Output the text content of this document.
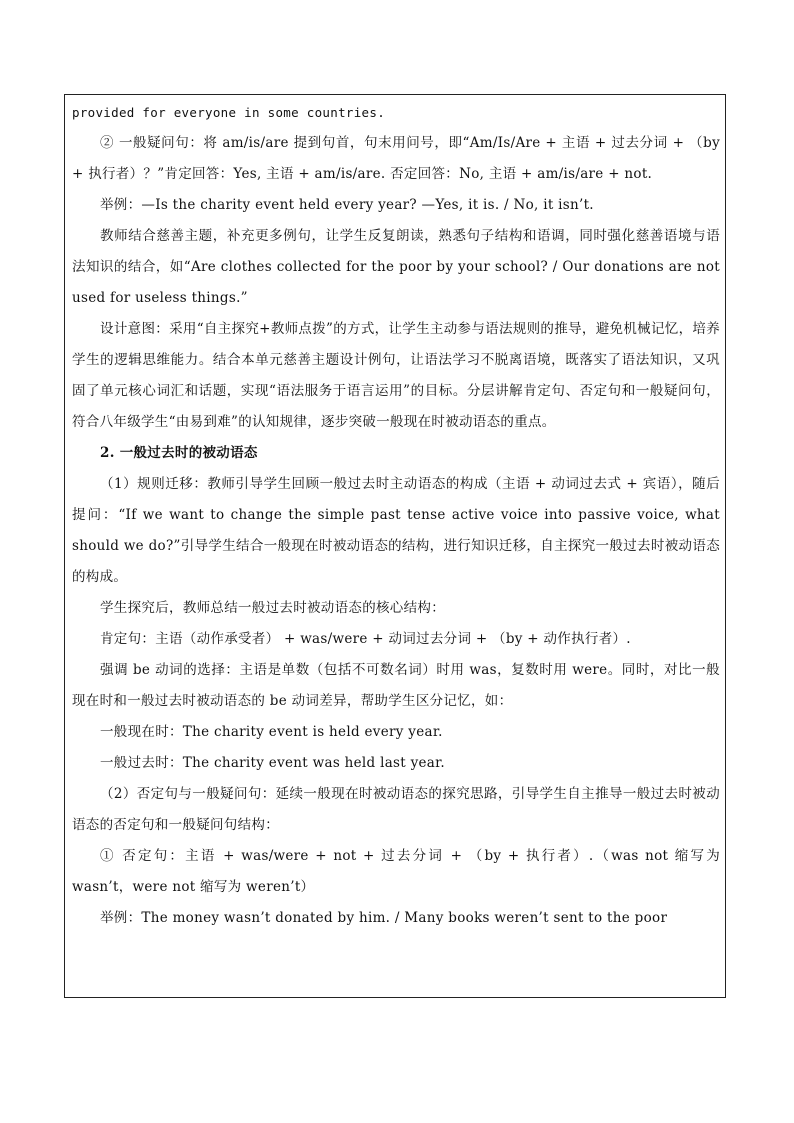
provided for everyone in some countries.

② 一般疑问句：将 am/is/are 提到句首，句末用问号，即“Am/Is/Are + 主语 + 过去分词 + （by + 执行者）？”肯定回答：Yes, 主语 + am/is/are. 否定回答：No, 主语 + am/is/are + not.

举例：—Is the charity event held every year? —Yes, it is. / No, it isn’t.

教师结合慈善主题，补充更多例句，让学生反复朗读，熟悉句子结构和语调，同时强化慈善语境与语法知识的结合，如“Are clothes collected for the poor by your school? / Our donations are not used for useless things.”

设计意图：采用“自主探究+教师点拨”的方式，让学生主动参与语法规则的推导，避免机械记忆，培养学生的逻辑思维能力。结合本单元慈善主题设计例句，让语法学习不脱离语境，既落实了语法知识，又巩固了单元核心词汇和话题，实现“语法服务于语言运用”的目标。分层讲解肯定句、否定句和一般疑问句，符合八年级学生“由易到难”的认知规律，逐步突破一般现在时被动语态的重点。

2. 一般过去时的被动语态

（1）规则迁移：教师引导学生回顾一般过去时主动语态的构成（主语 + 动词过去式 + 宾语），随后提问：“If we want to change the simple past tense active voice into passive voice, what should we do?”引导学生结合一般现在时被动语态的结构，进行知识迁移，自主探究一般过去时被动语态的构成。

学生探究后，教师总结一般过去时被动语态的核心结构：

肯定句：主语（动作承受者） + was/were + 动词过去分词 + （by + 动作执行者）.

强调 be 动词的选择：主语是单数（包括不可数名词）时用 was，复数时用 were。同时，对比一般现在时和一般过去时被动语态的 be 动词差异，帮助学生区分记忆，如：

一般现在时：The charity event is held every year.

一般过去时：The charity event was held last year.

（2）否定句与一般疑问句：延续一般现在时被动语态的探究思路，引导学生自主推导一般过去时被动语态的否定句和一般疑问句结构：

① 否定句：主语 + was/were + not + 过去分词 + （by + 执行者）.（was not 缩写为 wasn’t，were not 缩写为 weren’t）

举例：The money wasn’t donated by him. / Many books weren’t sent to the poor
